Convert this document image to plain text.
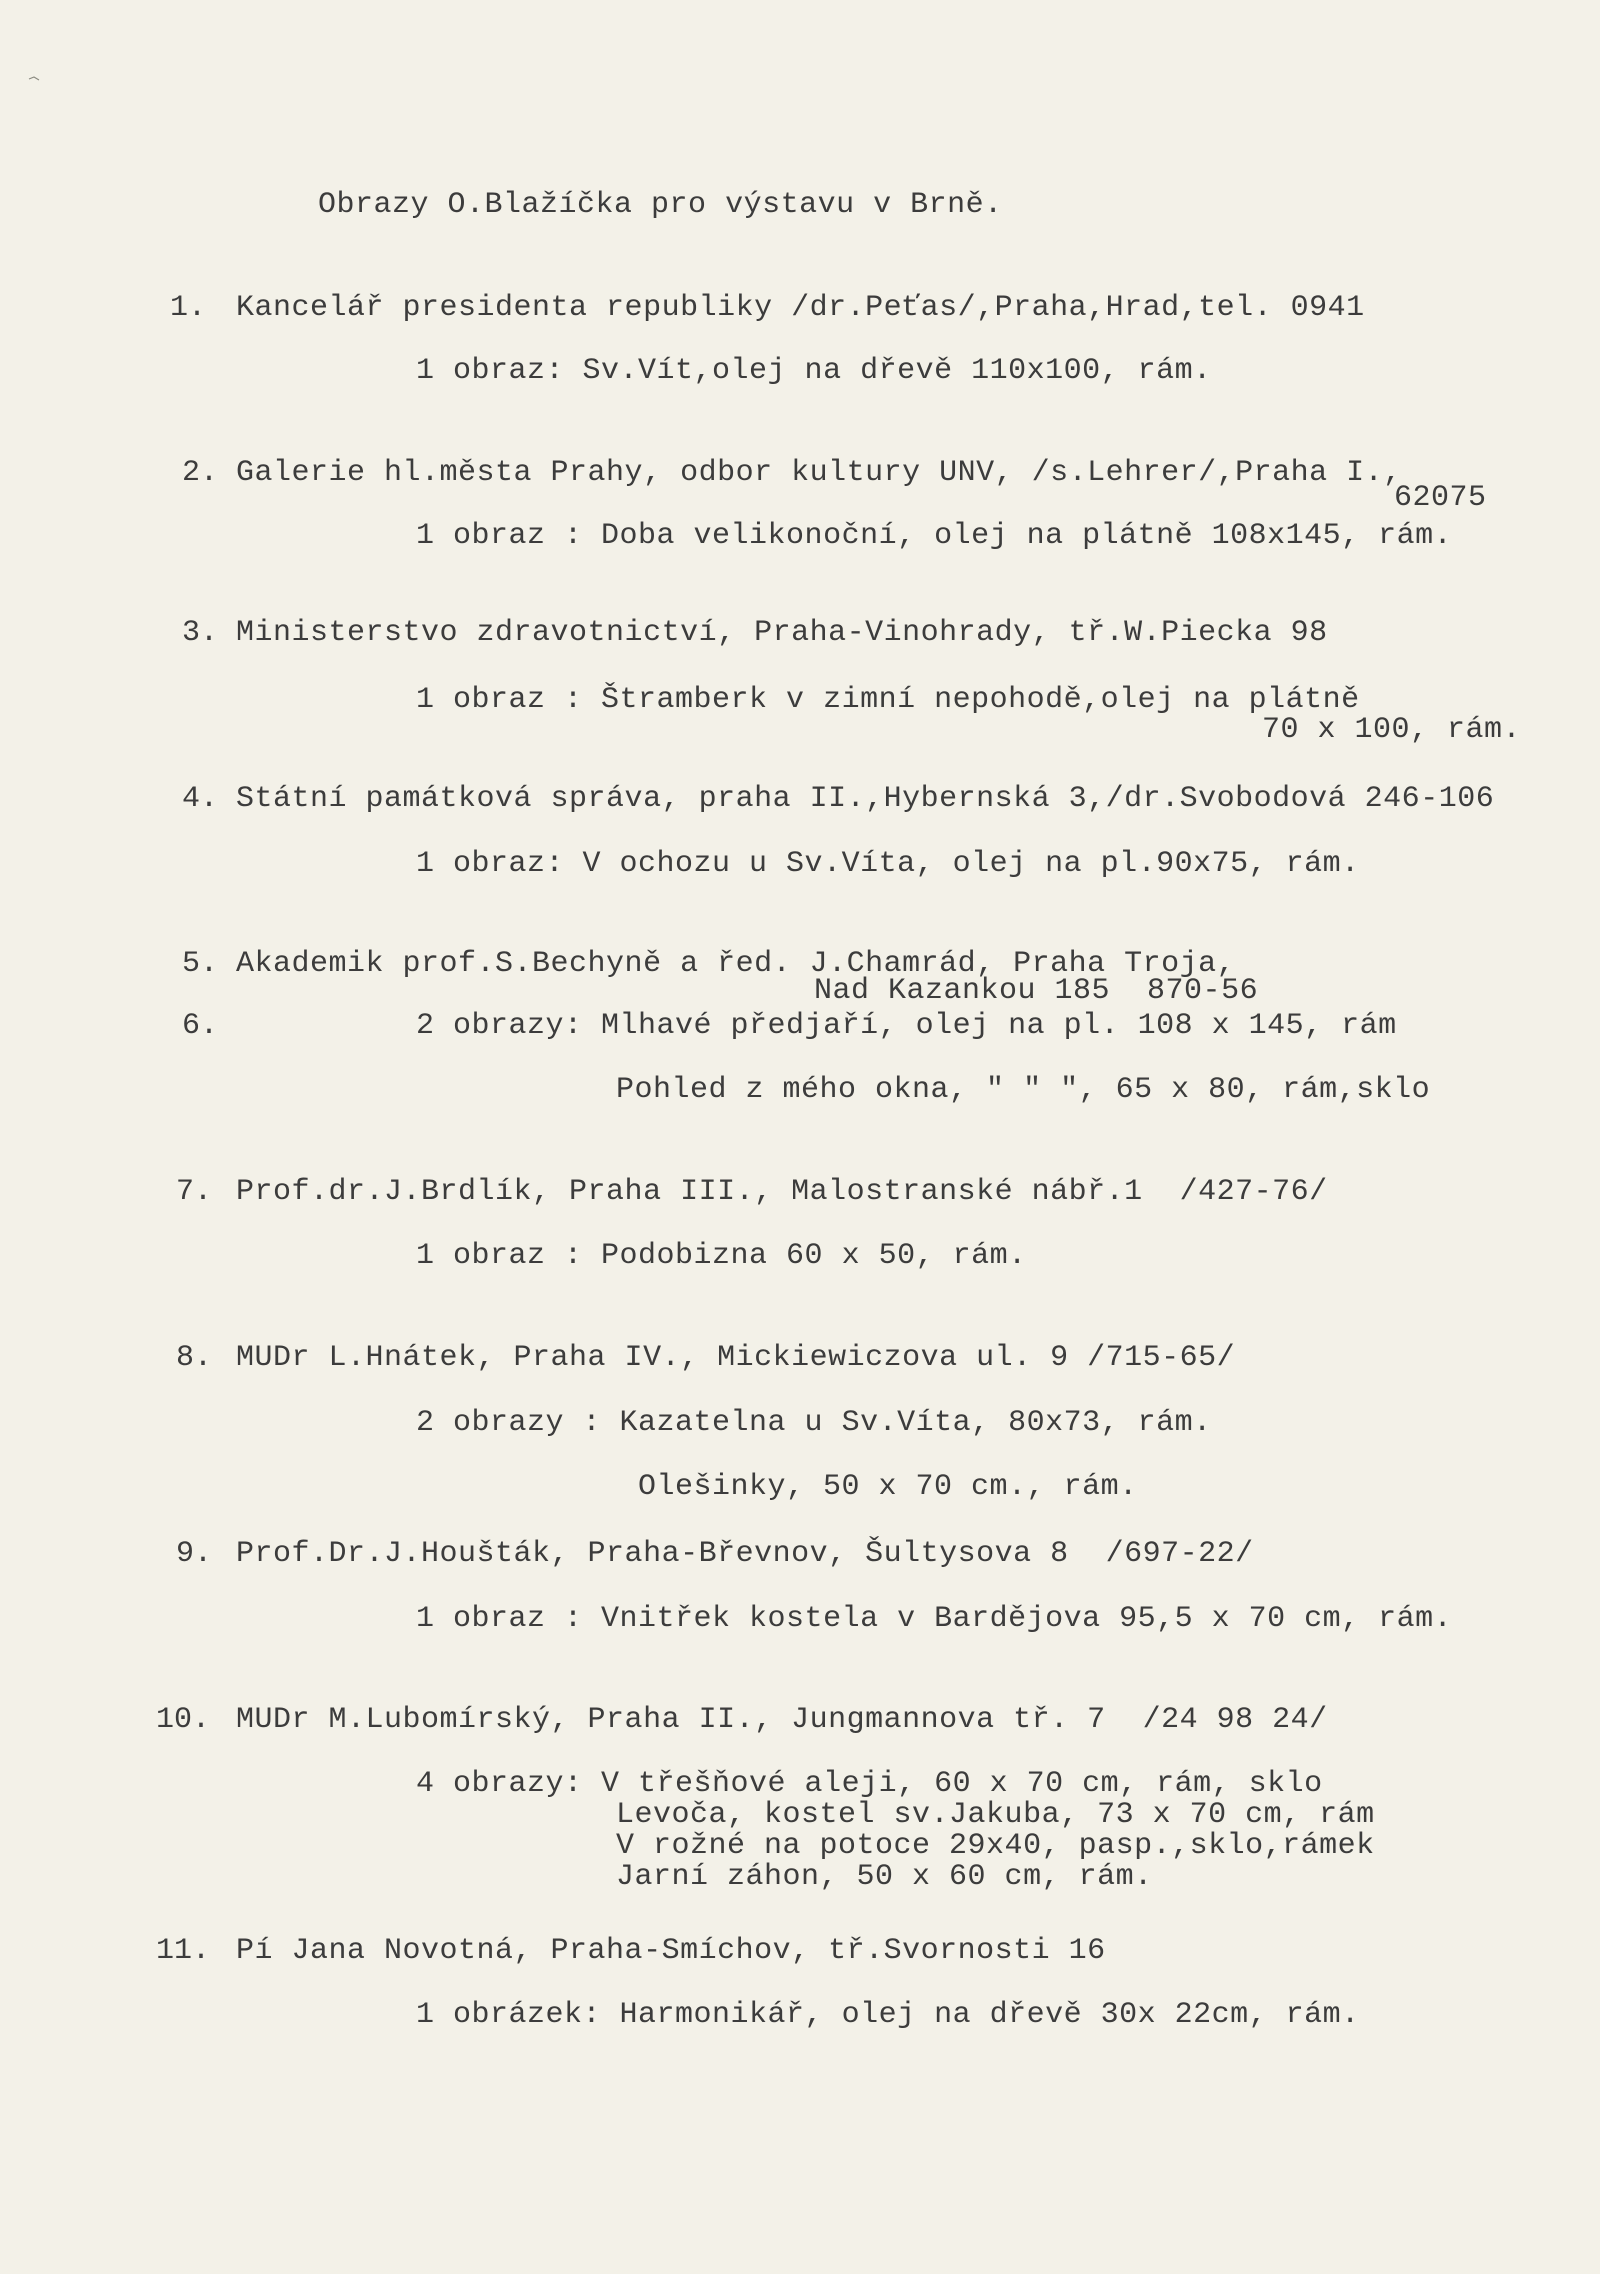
Obrazy O.Blažíčka pro výstavu v Brně.
1. Kancelář presidenta republiky /dr.Peťas/,Praha,Hrad,tel. 0941
1 obraz: Sv.Vít,olej na dřevě 110x100, rám.
2. Galerie hl.města Prahy, odbor kultury UNV, /s.Lehrer/,Praha I.,
62075
1 obraz : Doba velikonoční, olej na plátně 108x145, rám.
3. Ministerstvo zdravotnictví, Praha-Vinohrady, tř.W.Piecka 98
1 obraz : Štramberk v zimní nepohodě,olej na plátně
70 x 100, rám.
4. Státní památková správa, praha II.,Hybernská 3,/dr.Svobodová 246-106
1 obraz: V ochozu u Sv.Víta, olej na pl.90x75, rám.
5. Akademik prof.S.Bechyně a řed. J.Chamrád, Praha Troja,
Nad Kazankou 185  870-56
6.	2 obrazy: Mlhavé předjaří, olej na pl. 108 x 145, rám
Pohled z mého okna, " " ", 65 x 80, rám,sklo
7. Prof.dr.J.Brdlík, Praha III., Malostranské nábř.1  /427-76/
1 obraz : Podobizna 60 x 50, rám.
8. MUDr L.Hnátek, Praha IV., Mickiewiczova ul. 9 /715-65/
2 obrazy : Kazatelna u Sv.Víta, 80x73, rám.
Olešinky, 50 x 70 cm., rám.
9. Prof.Dr.J.Houšták, Praha-Břevnov, Šultysova 8  /697-22/
1 obraz : Vnitřek kostela v Bardějova 95,5 x 70 cm, rám.
10. MUDr M.Lubomírský, Praha II., Jungmannova tř. 7  /24 98 24/
4 obrazy: V třešňové aleji, 60 x 70 cm, rám, sklo
Levoča, kostel sv.Jakuba, 73 x 70 cm, rám
V rožné na potoce 29x40, pasp.,sklo,rámek
Jarní záhon, 50 x 60 cm, rám.
11. Pí Jana Novotná, Praha-Smíchov, tř.Svornosti 16
1 obrázek: Harmonikář, olej na dřevě 30x 22cm, rám.
